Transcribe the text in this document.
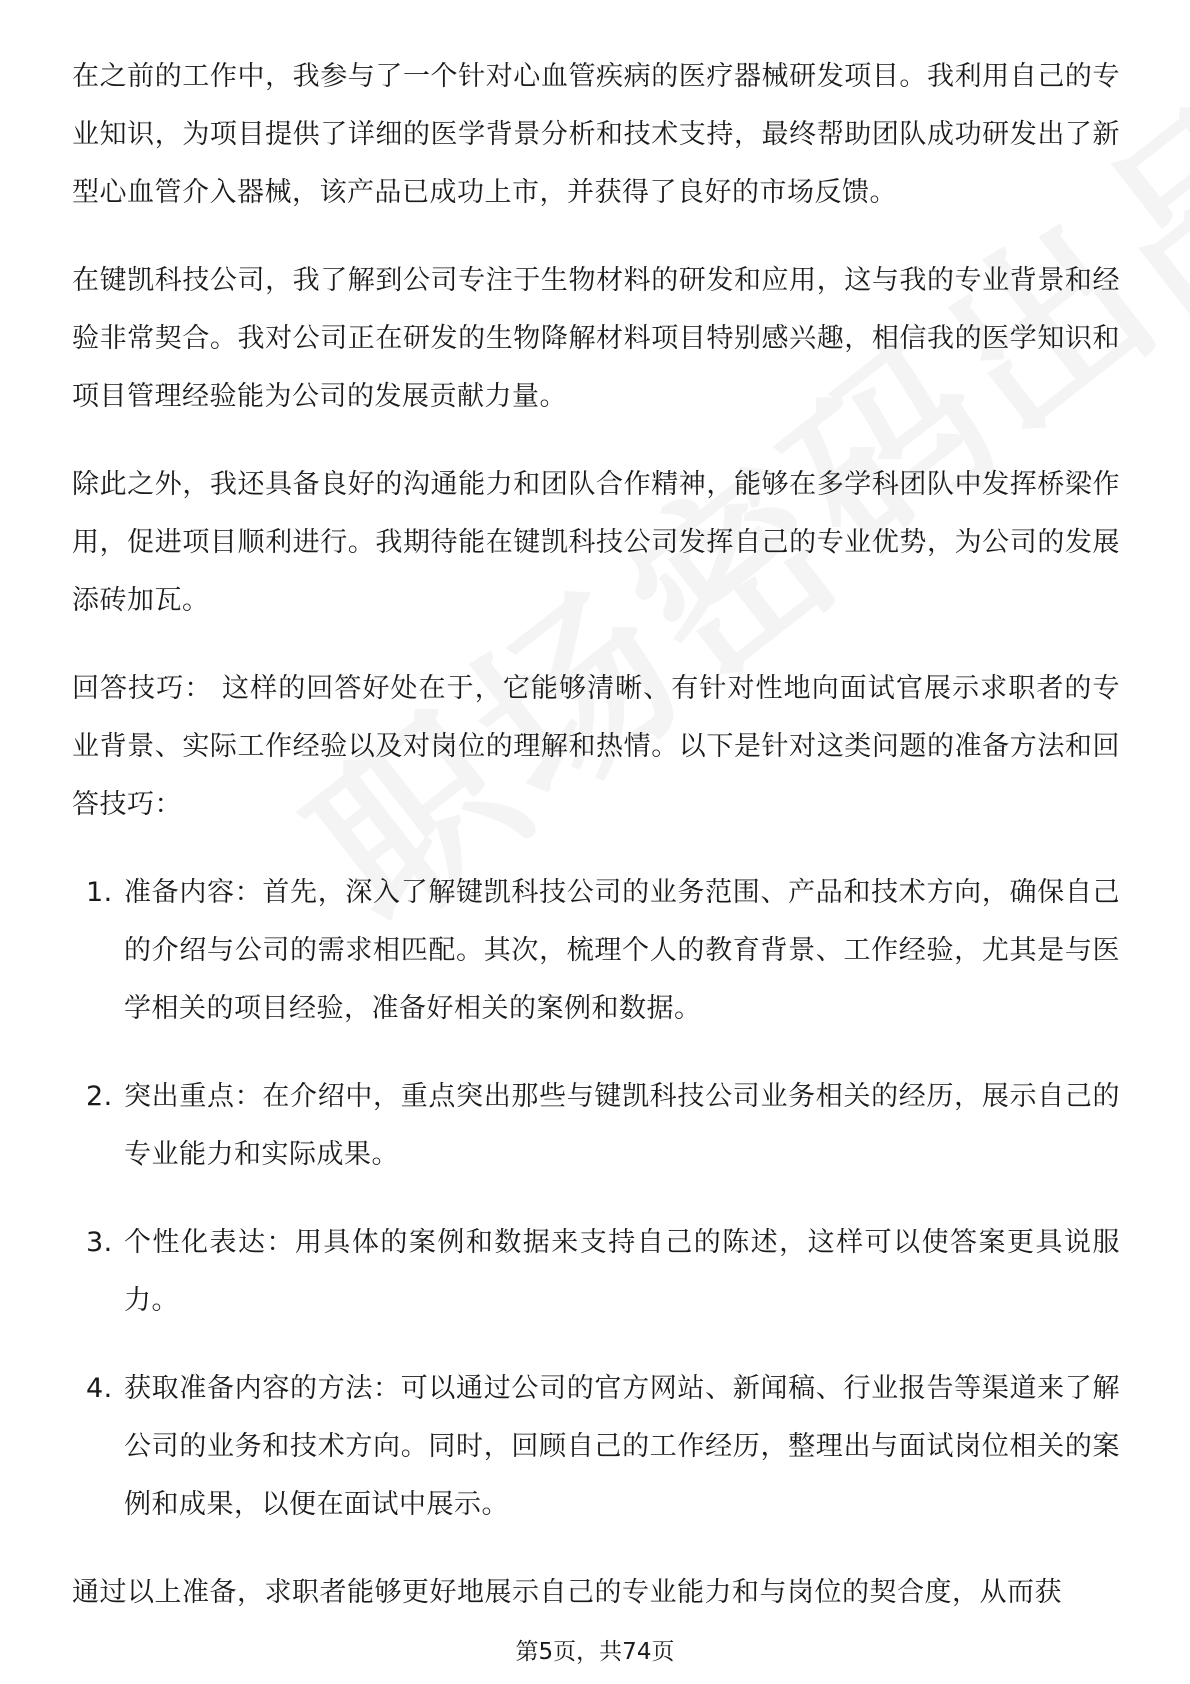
在之前的工作中，我参与了一个针对心血管疾病的医疗器械研发项目。我利用自己的专业知识，为项目提供了详细的医学背景分析和技术支持，最终帮助团队成功研发出了新型心血管介入器械，该产品已成功上市，并获得了良好的市场反馈。

在键凯科技公司，我了解到公司专注于生物材料的研发和应用，这与我的专业背景和经验非常契合。我对公司正在研发的生物降解材料项目特别感兴趣，相信我的医学知识和项目管理经验能为公司的发展贡献力量。

除此之外，我还具备良好的沟通能力和团队合作精神，能够在多学科团队中发挥桥梁作用，促进项目顺利进行。我期待能在键凯科技公司发挥自己的专业优势，为公司的发展添砖加瓦。

回答技巧： 这样的回答好处在于，它能够清晰、有针对性地向面试官展示求职者的专业背景、实际工作经验以及对岗位的理解和热情。以下是针对这类问题的准备方法和回答技巧：

1. 准备内容：首先，深入了解键凯科技公司的业务范围、产品和技术方向，确保自己的介绍与公司的需求相匹配。其次，梳理个人的教育背景、工作经验，尤其是与医学相关的项目经验，准备好相关的案例和数据。
2. 突出重点：在介绍中，重点突出那些与键凯科技公司业务相关的经历，展示自己的专业能力和实际成果。
3. 个性化表达：用具体的案例和数据来支持自己的陈述，这样可以使答案更具说服力。
4. 获取准备内容的方法：可以通过公司的官方网站、新闻稿、行业报告等渠道来了解公司的业务和技术方向。同时，回顾自己的工作经历，整理出与面试岗位相关的案例和成果，以便在面试中展示。

通过以上准备，求职者能够更好地展示自己的专业能力和与岗位的契合度，从而获

第5页，共74页
